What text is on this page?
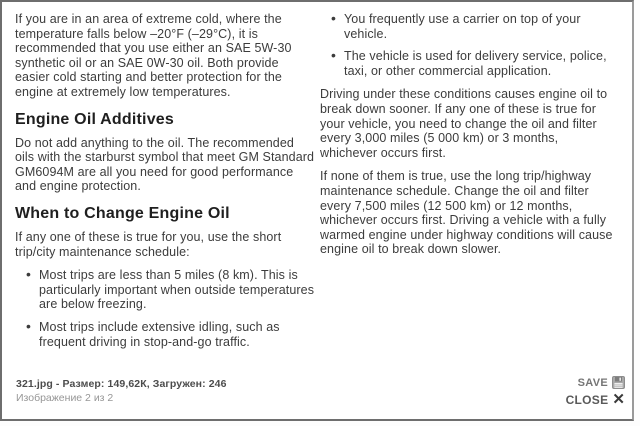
If you are in an area of extreme cold, where the temperature falls below –20°F (–29°C), it is recommended that you use either an SAE 5W-30 synthetic oil or an SAE 0W-30 oil. Both provide easier cold starting and better protection for the engine at extremely low temperatures.

Engine Oil Additives

Do not add anything to the oil. The recommended oils with the starburst symbol that meet GM Standard GM6094M are all you need for good performance and engine protection.

When to Change Engine Oil

If any one of these is true for you, use the short trip/city maintenance schedule:

• Most trips are less than 5 miles (8 km). This is particularly important when outside temperatures are below freezing.
• Most trips include extensive idling, such as frequent driving in stop-and-go traffic.
• You frequently use a carrier on top of your vehicle.
• The vehicle is used for delivery service, police, taxi, or other commercial application.

Driving under these conditions causes engine oil to break down sooner. If any one of these is true for your vehicle, you need to change the oil and filter every 3,000 miles (5 000 km) or 3 months, whichever occurs first.

If none of them is true, use the long trip/highway maintenance schedule. Change the oil and filter every 7,500 miles (12 500 km) or 12 months, whichever occurs first. Driving a vehicle with a fully warmed engine under highway conditions will cause engine oil to break down slower.

321.jpg - Размер: 149,62К, Загружен: 246
Изображение 2 из 2
SAVE
CLOSE ✕
